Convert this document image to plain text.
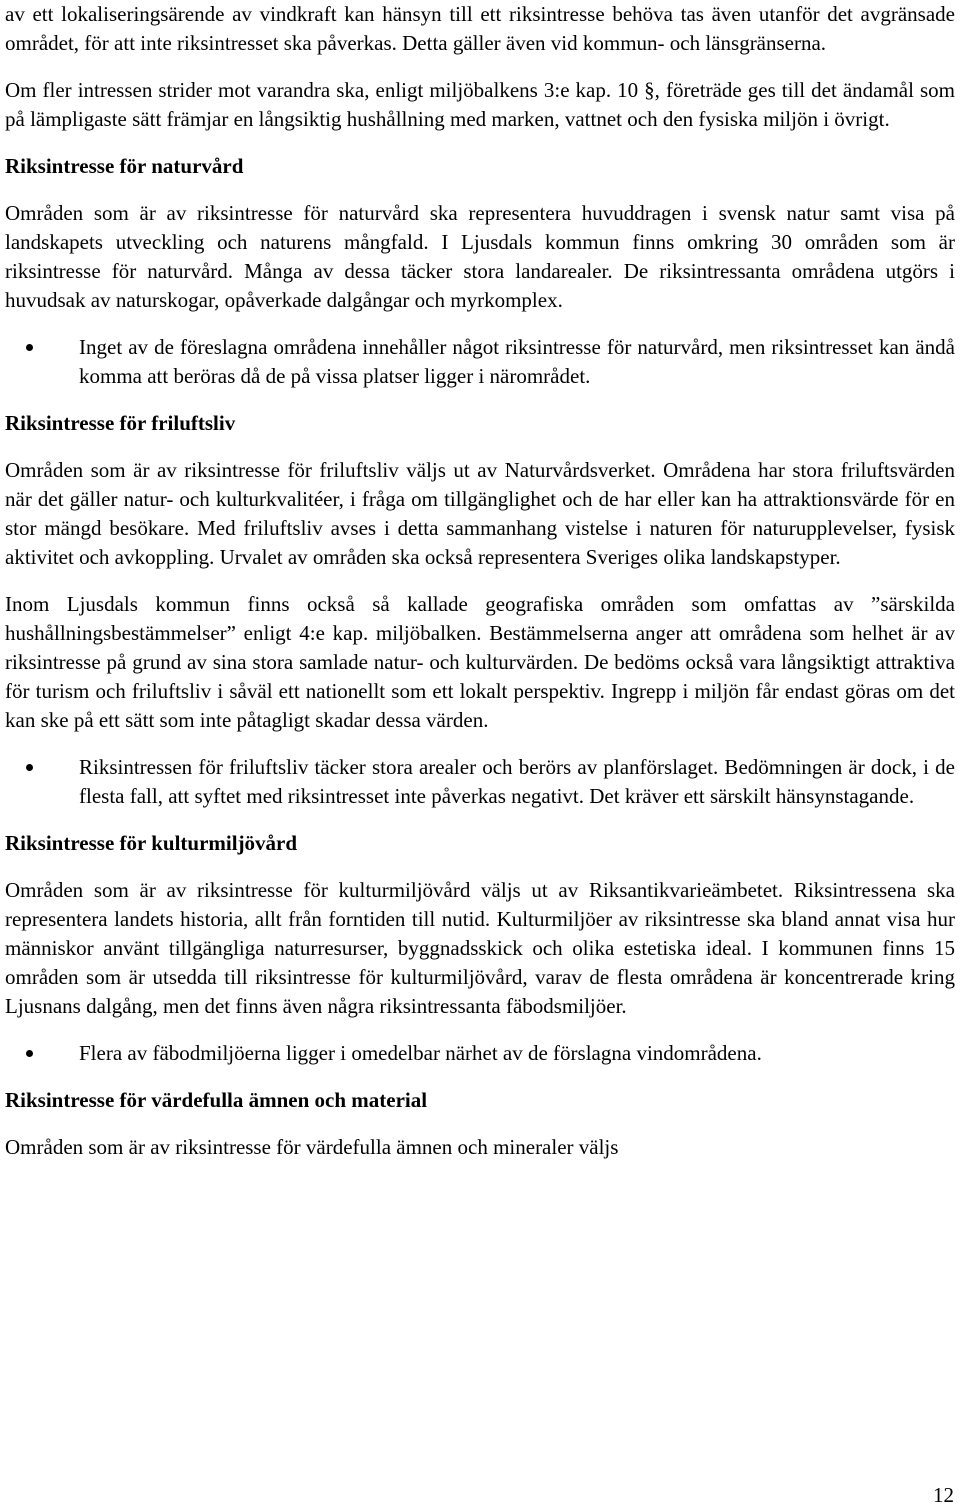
av ett lokaliseringsärende av vindkraft kan hänsyn till ett riksintresse behöva tas även utanför det avgränsade området, för att inte riksintresset ska påverkas. Detta gäller även vid kommun- och länsgränserna.

Om fler intressen strider mot varandra ska, enligt miljöbalkens 3:e kap. 10 §, företräde ges till det ändamål som på lämpligaste sätt främjar en långsiktig hushållning med marken, vattnet och den fysiska miljön i övrigt.

Riksintresse för naturvård

Områden som är av riksintresse för naturvård ska representera huvuddragen i svensk natur samt visa på landskapets utveckling och naturens mångfald. I Ljusdals kommun finns omkring 30 områden som är riksintresse för naturvård. Många av dessa täcker stora landarealer. De riksintressanta områdena utgörs i huvudsak av naturskogar, opåverkade dalgångar och myrkomplex.

Inget av de föreslagna områdena innehåller något riksintresse för naturvård, men riksintresset kan ändå komma att beröras då de på vissa platser ligger i närområdet.
Riksintresse för friluftsliv

Områden som är av riksintresse för friluftsliv väljs ut av Naturvårdsverket. Områdena har stora friluftsvärden när det gäller natur- och kulturkvalitéer, i fråga om tillgänglighet och de har eller kan ha attraktionsvärde för en stor mängd besökare. Med friluftsliv avses i detta sammanhang vistelse i naturen för naturupplevelser, fysisk aktivitet och avkoppling. Urvalet av områden ska också representera Sveriges olika landskapstyper.

Inom Ljusdals kommun finns också så kallade geografiska områden som omfattas av ”särskilda hushållningsbestämmelser” enligt 4:e kap. miljöbalken. Bestämmelserna anger att områdena som helhet är av riksintresse på grund av sina stora samlade natur- och kulturvärden. De bedöms också vara långsiktigt attraktiva för turism och friluftsliv i såväl ett nationellt som ett lokalt perspektiv. Ingrepp i miljön får endast göras om det kan ske på ett sätt som inte påtagligt skadar dessa värden.

Riksintressen för friluftsliv täcker stora arealer och berörs av planförslaget. Bedömningen är dock, i de flesta fall, att syftet med riksintresset inte påverkas negativt. Det kräver ett särskilt hänsynstagande.
Riksintresse för kulturmiljövård

Områden som är av riksintresse för kulturmiljövård väljs ut av Riksantikvarieämbetet. Riksintressena ska representera landets historia, allt från forntiden till nutid. Kulturmiljöer av riksintresse ska bland annat visa hur människor använt tillgängliga naturresurser, byggnadsskick och olika estetiska ideal. I kommunen finns 15 områden som är utsedda till riksintresse för kulturmiljövård, varav de flesta områdena är koncentrerade kring Ljusnans dalgång, men det finns även några riksintressanta fäbodsmiljöer.

Flera av fäbodmiljöerna ligger i omedelbar närhet av de förslagna vindområdena.
Riksintresse för värdefulla ämnen och material

Områden som är av riksintresse för värdefulla ämnen och mineraler väljs

12
